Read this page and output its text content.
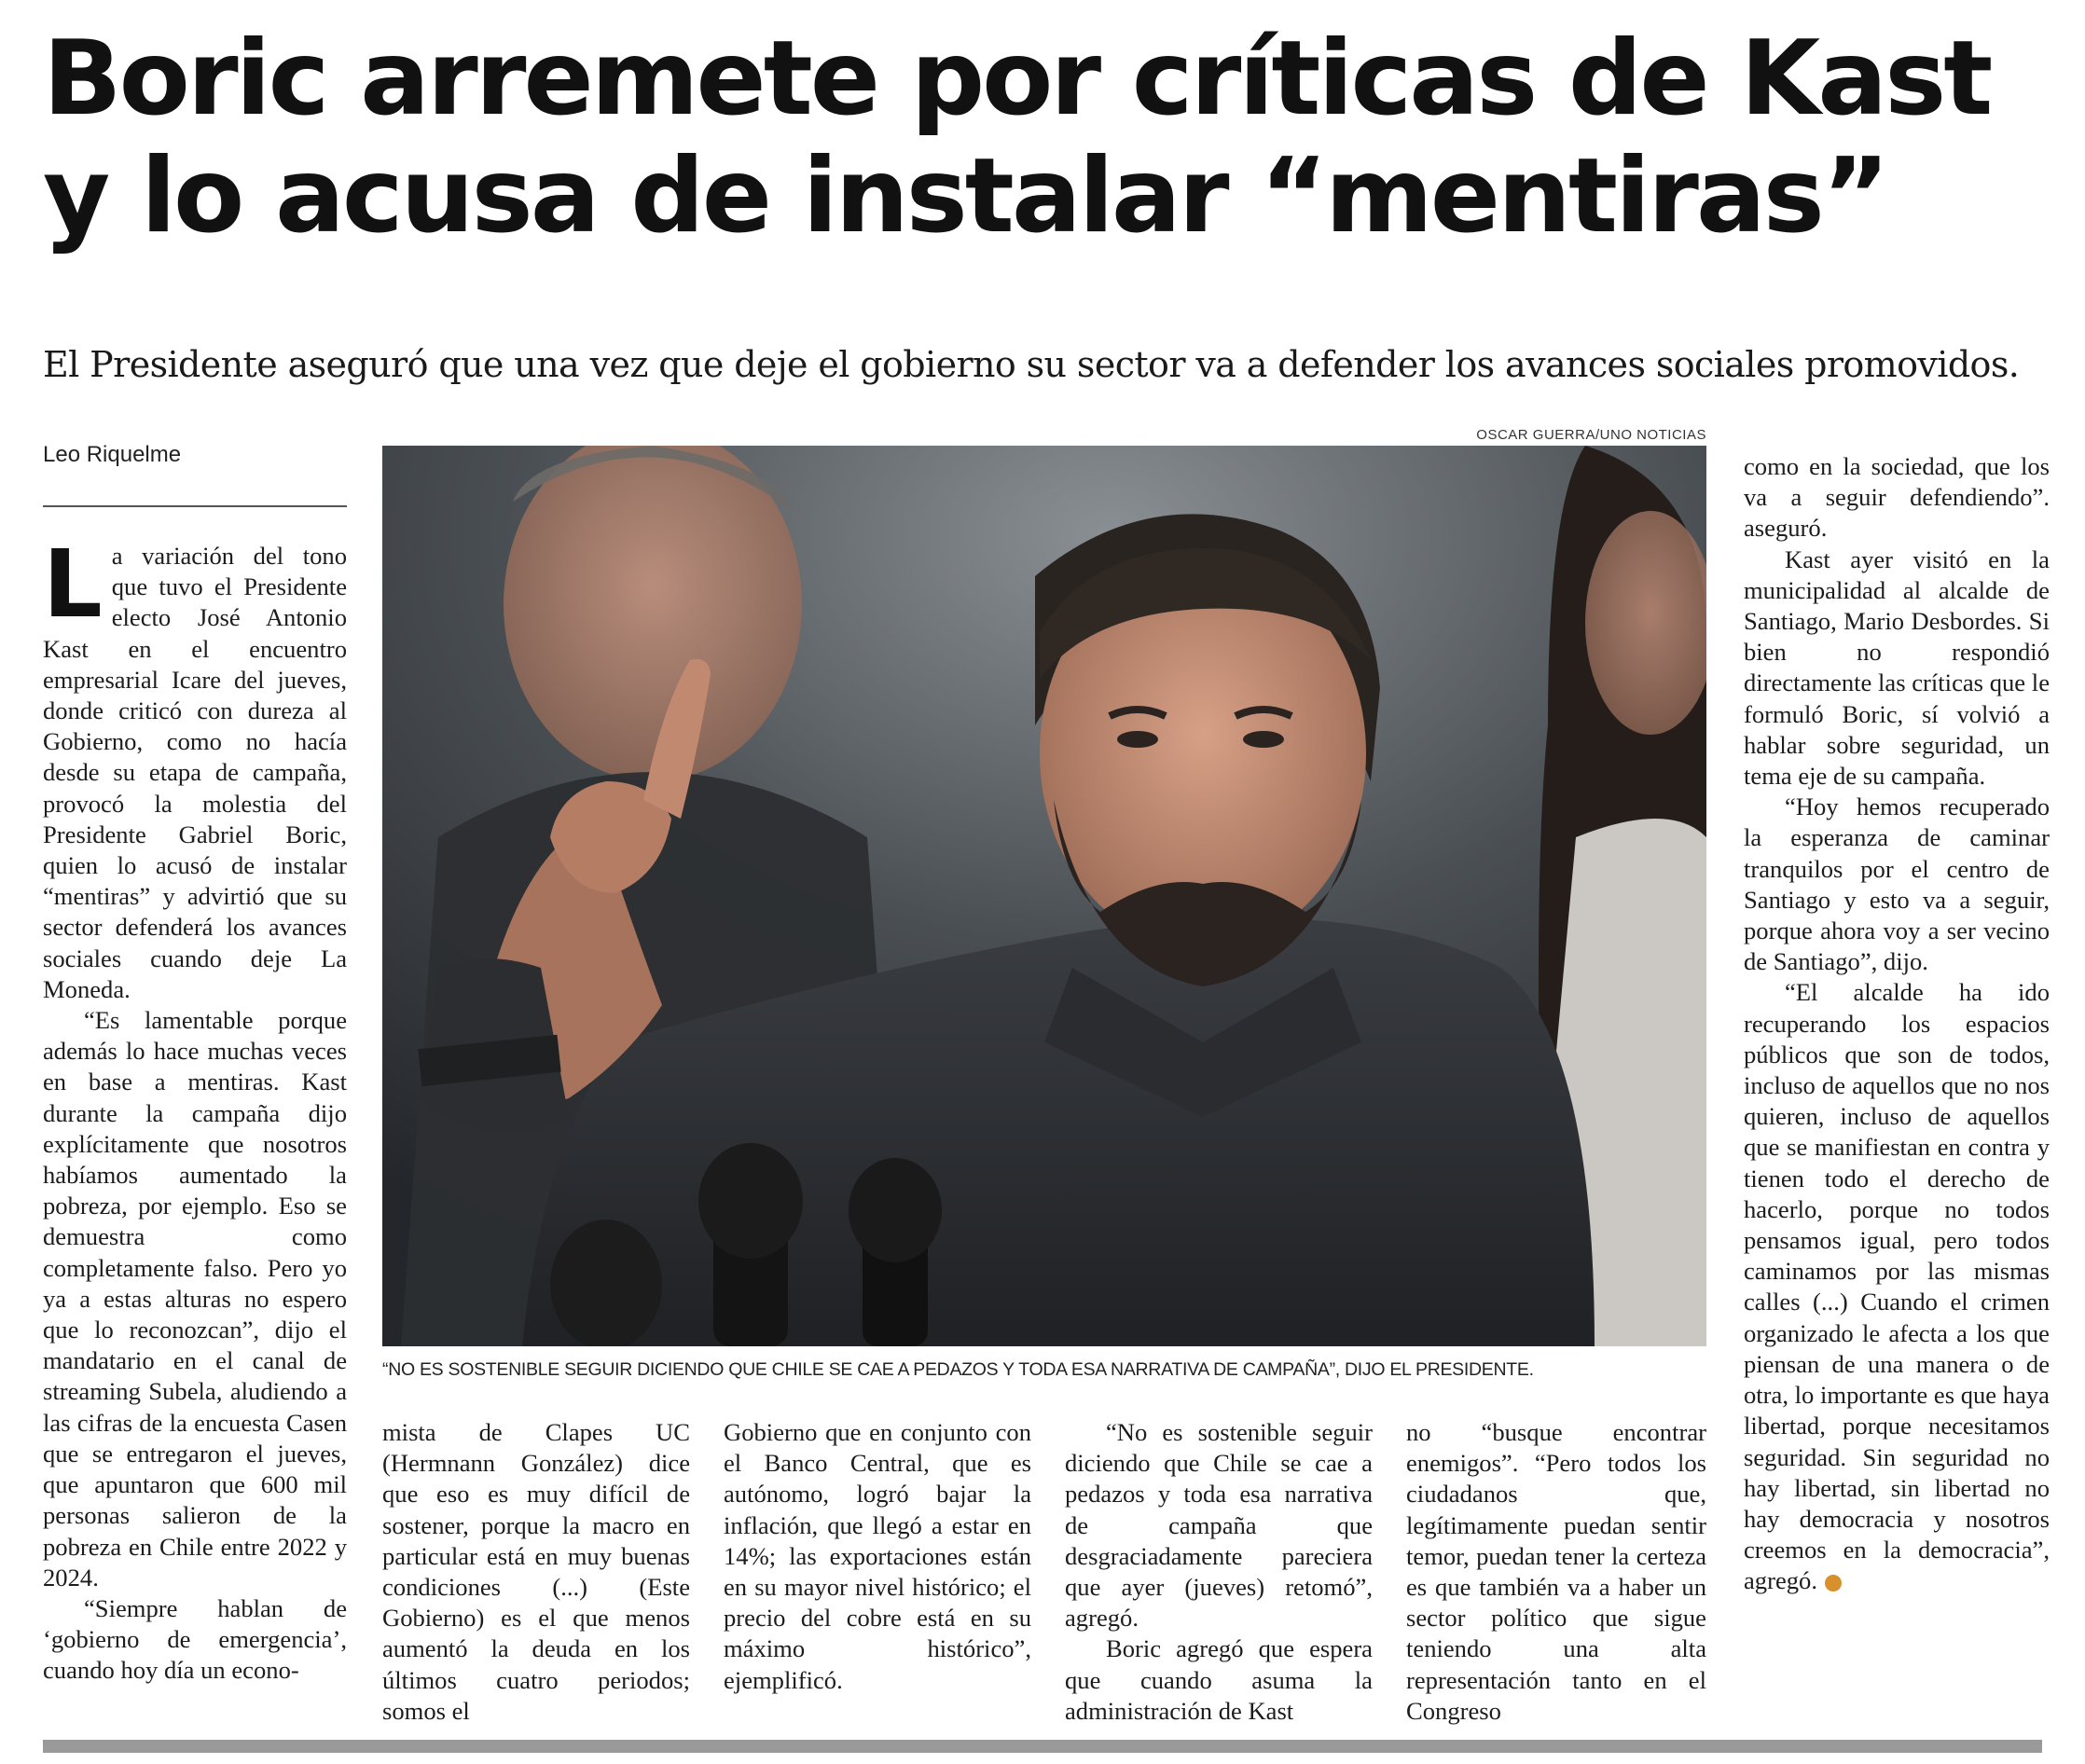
Boric arremete por críticas de Kast
y lo acusa de instalar “mentiras”

El Presidente aseguró que una vez que deje el gobierno su sector va a defender los avances sociales promovidos.

Leo Riquelme
OSCAR GUERRA/UNO NOTICIAS
“NO ES SOSTENIBLE SEGUIR DICIENDO QUE CHILE SE CAE A PEDAZOS Y TODA ESA NARRATIVA DE CAMPAÑA”, DIJO EL PRESIDENTE.

La variación del tono que tuvo el Presidente electo José Antonio Kast en el encuentro empresarial Icare del jueves, donde criticó con dureza al Gobierno, como no hacía desde su etapa de campaña, provocó la molestia del Presidente Gabriel Boric, quien lo acusó de instalar “mentiras” y advirtió que su sector defenderá los avances sociales cuando deje La Moneda.

“Es lamentable porque además lo hace muchas veces en base a mentiras. Kast durante la campaña dijo explícitamente que nosotros habíamos aumentado la pobreza, por ejemplo. Eso se demuestra como completamente falso. Pero yo ya a estas alturas no espero que lo reconozcan”, dijo el mandatario en el canal de streaming Subela, aludiendo a las cifras de la encuesta Casen que se entregaron el jueves, que apuntaron que 600 mil personas salieron de la pobreza en Chile entre 2022 y 2024.

“Siempre hablan de ‘gobierno de emergencia’, cuando hoy día un econo-

mista de Clapes UC (Hermnann González) dice que eso es muy difícil de sostener, porque la macro en particular está en muy buenas condiciones (...) (Este Gobierno) es el que menos aumentó la deuda en los últimos cuatro periodos; somos el

Gobierno que en conjunto con el Banco Central, que es autónomo, logró bajar la inflación, que llegó a estar en 14%; las exportaciones están en su mayor nivel histórico; el precio del cobre está en su máximo histórico”, ejemplificó.

“No es sostenible seguir diciendo que Chile se cae a pedazos y toda esa narrativa de campaña que desgraciadamente pareciera que ayer (jueves) retomó”, agregó.

Boric agregó que espera que cuando asuma la administración de Kast

no “busque encontrar enemigos”. “Pero todos los ciudadanos que, legítimamente puedan sentir temor, puedan tener la certeza es que también va a haber un sector político que sigue teniendo una alta representación tanto en el Congreso

como en la sociedad, que los va a seguir defendiendo”. aseguró.

Kast ayer visitó en la municipalidad al alcalde de Santiago, Mario Desbordes. Si bien no respondió directamente las críticas que le formuló Boric, sí volvió a hablar sobre seguridad, un tema eje de su campaña.

“Hoy hemos recuperado la esperanza de caminar tranquilos por el centro de Santiago y esto va a seguir, porque ahora voy a ser vecino de Santiago”, dijo.

“El alcalde ha ido recuperando los espacios públicos que son de todos, incluso de aquellos que no nos quieren, incluso de aquellos que se manifiestan en contra y tienen todo el derecho de hacerlo, porque no todos pensamos igual, pero todos caminamos por las mismas calles (...) Cuando el crimen organizado le afecta a los que piensan de una manera o de otra, lo importante es que haya libertad, porque necesitamos seguridad. Sin seguridad no hay libertad, sin libertad no hay democracia y nosotros creemos en la democracia”, agregó.
